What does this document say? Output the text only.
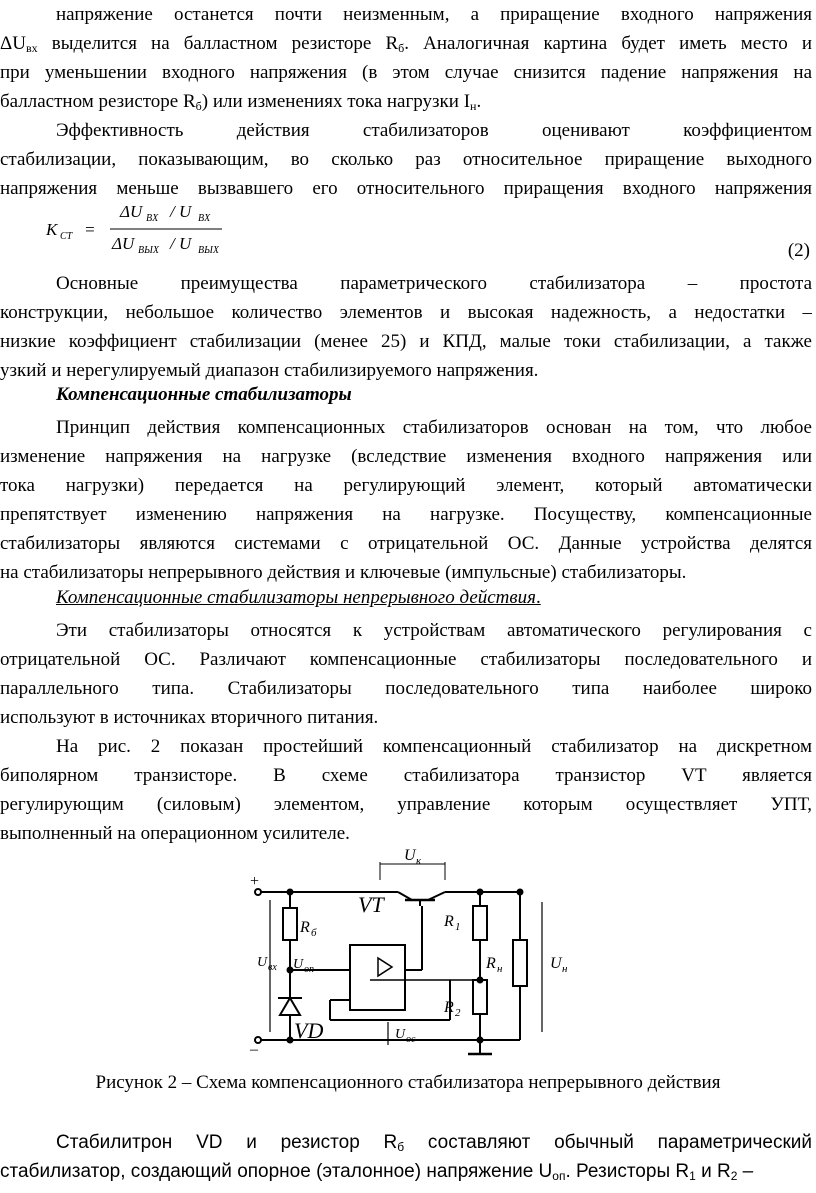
напряжение останется почти неизменным, а приращение входного напряжения
$\Delta U_{вх}$ выделится на балластном резисторе $R_б$. Аналогичная картина будет иметь место и
при уменьшении входного напряжения (в этом случае снизится падение напряжения на
балластном резисторе $R_б$) или изменениях тока нагрузки $I_н$.
Эффективность действия стабилизаторов оценивают коэффициентом
стабилизации, показывающим, во сколько раз относительное приращение выходного
напряжения меньше вызвавшего его относительного приращения входного напряжения
K CT =
ΔU BX / U BX
ΔU BЫX / U BЫX	(2)
Основные преимущества параметрического стабилизатора – простота
конструкции, небольшое количество элементов и высокая надежность, а недостатки –
низкие коэффициент стабилизации (менее 25) и КПД, малые токи стабилизации, а также
узкий и нерегулируемый диапазон стабилизируемого напряжения.
Компенсационные стабилизаторы
Принцип действия компенсационных стабилизаторов основан на том, что любое
изменение напряжения на нагрузке (вследствие изменения входного напряжения или
тока нагрузки) передается на регулирующий элемент, который автоматически
препятствует изменению напряжения на нагрузке. Посуществу, компенсационные
стабилизаторы являются системами с отрицательной ОС. Данные устройства делятся
на стабилизаторы непрерывного действия и ключевые (импульсные) стабилизаторы.
Компенсационные стабилизаторы непрерывного действия.
Эти стабилизаторы относятся к устройствам автоматического регулирования с
отрицательной ОС. Различают компенсационные стабилизаторы последовательного и
параллельного типа. Стабилизаторы последовательного типа наиболее широко
используют в источниках вторичного питания.
На рис. 2 показан простейший компенсационный стабилизатор на дискретном
биполярном транзисторе. В схеме стабилизатора транзистор VT является
регулирующим (силовым) элементом, управление которым осуществляет УПТ,
выполненный на операционном усилителе.
+
–
U к
VT
R б
R 1
R 2
R н	U н
U вх U оп
U ос
VD
Рисунок 2 – Схема компенсационного стабилизатора непрерывного действия
Стабилитрон VD и резистор $R_б$ составляют обычный параметрический
стабилизатор, создающий опорное (эталонное) напряжение $U_{оп}$. Резисторы $R_1$ и $R_2$ –
